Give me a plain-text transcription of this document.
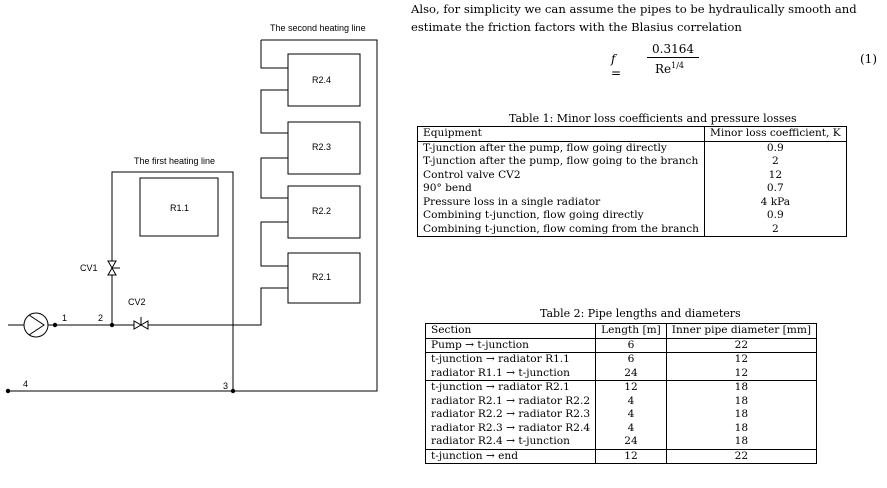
The second heating line
The first heating line
R2.4
R2.3
R2.2
R2.1
R1.1
CV1
CV2
1	2
3
4
Also, for simplicity we can assume the pipes to be hydraulically smooth and
estimate the friction factors with the Blasius correlation
f =
0.3164
$Re^{1/4}$	(1)
Table 1: Minor loss coefficients and pressure losses
Equipment	Minor loss coefficient, K
T-junction after the pump, flow going directly	0.9
T-junction after the pump, flow going to the branch	2
Control valve CV2	12
90° bend	0.7
Pressure loss in a single radiator	4 kPa
Combining t-junction, flow going directly	0.9
Combining t-junction, flow coming from the branch	2
Table 2: Pipe lengths and diameters
Section	Length [m]	Inner pipe diameter [mm]
Pump → t-junction	6	22
t-junction → radiator R1.1	6	12
radiator R1.1 → t-junction	24	12
t-junction → radiator R2.1	12	18
radiator R2.1 → radiator R2.2	4	18
radiator R2.2 → radiator R2.3	4	18
radiator R2.3 → radiator R2.4	4	18
radiator R2.4 → t-junction	24	18
t-junction → end	12	22
